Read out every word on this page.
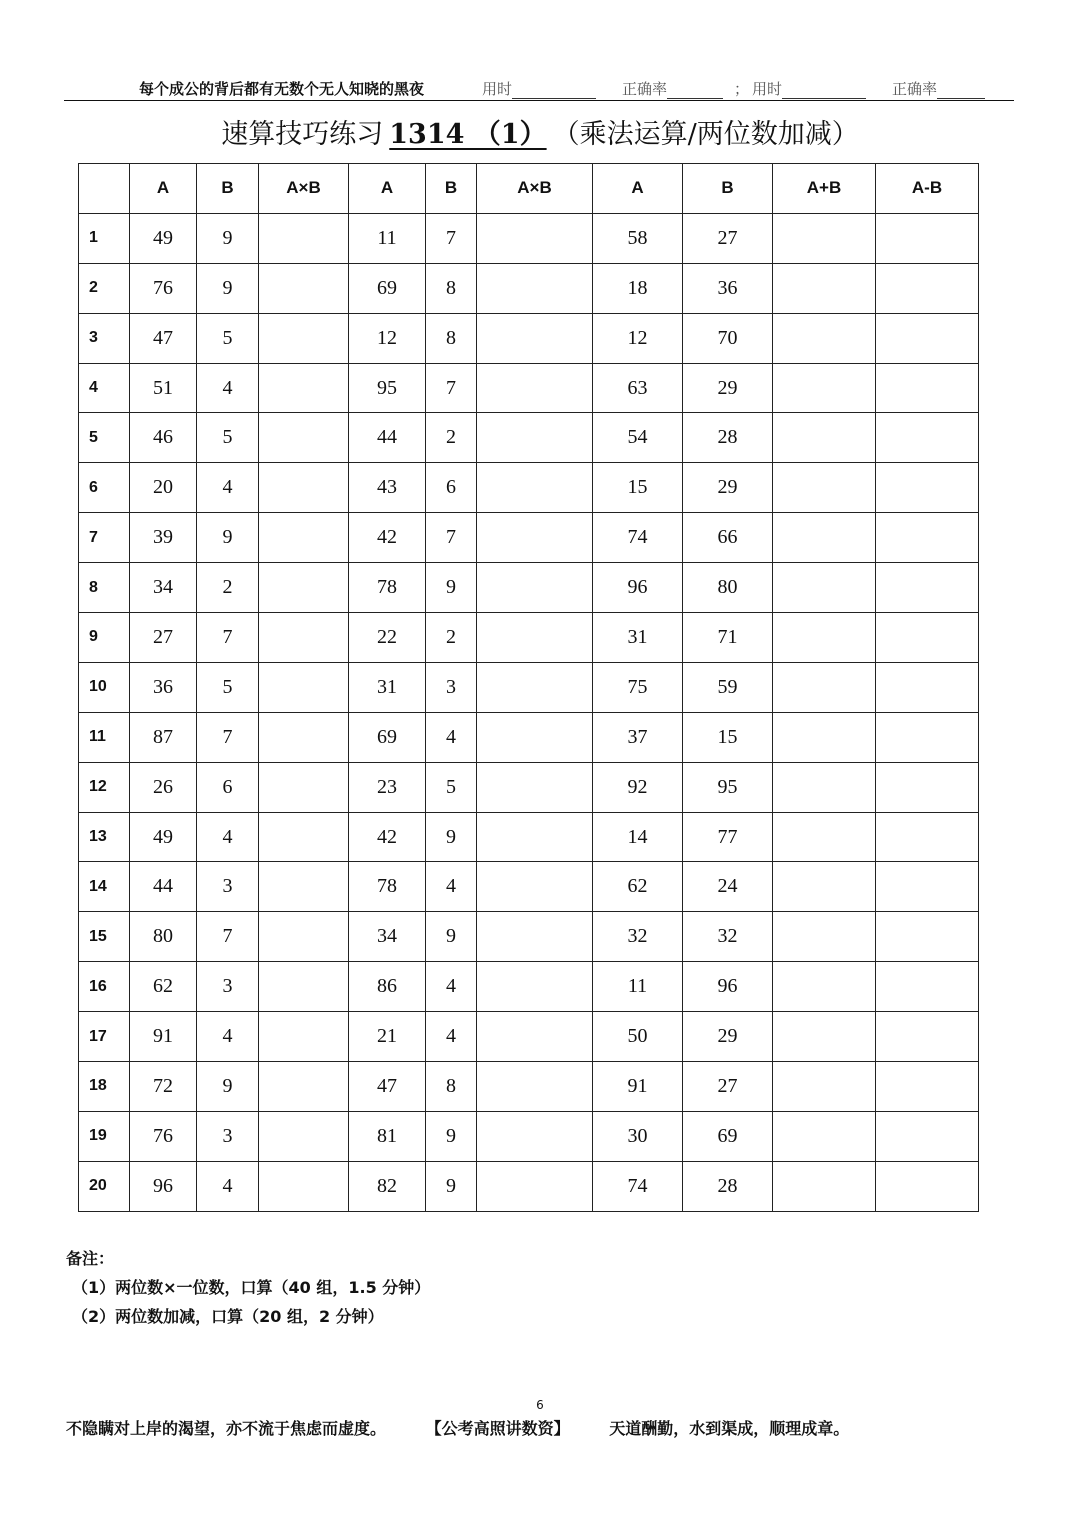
每个成公的背后都有无数个无人知晓的黑夜	用时	正确率	； 用时	正确率
速算技巧练习 1314 （1） （乘法运算/两位数加减）
	A	B	A×B	A	B	A×B	A	B	A+B	A-B
1	49	9		11	7		58	27		
2	76	9		69	8		18	36		
3	47	5		12	8		12	70		
4	51	4		95	7		63	29		
5	46	5		44	2		54	28		
6	20	4		43	6		15	29		
7	39	9		42	7		74	66		
8	34	2		78	9		96	80		
9	27	7		22	2		31	71		
10	36	5		31	3		75	59		
11	87	7		69	4		37	15		
12	26	6		23	5		92	95		
13	49	4		42	9		14	77		
14	44	3		78	4		62	24		
15	80	7		34	9		32	32		
16	62	3		86	4		11	96		
17	91	4		21	4		50	29		
18	72	9		47	8		91	27		
19	76	3		81	9		30	69		
20	96	4		82	9		74	28		
备注：
（1）两位数×一位数，口算（40 组，1.5 分钟）
（2）两位数加减，口算（20 组，2 分钟）
6
不隐瞒对上岸的渴望，亦不流于焦虑而虚度。 【公考高照讲数资】 天道酬勤，水到渠成，顺理成章。
